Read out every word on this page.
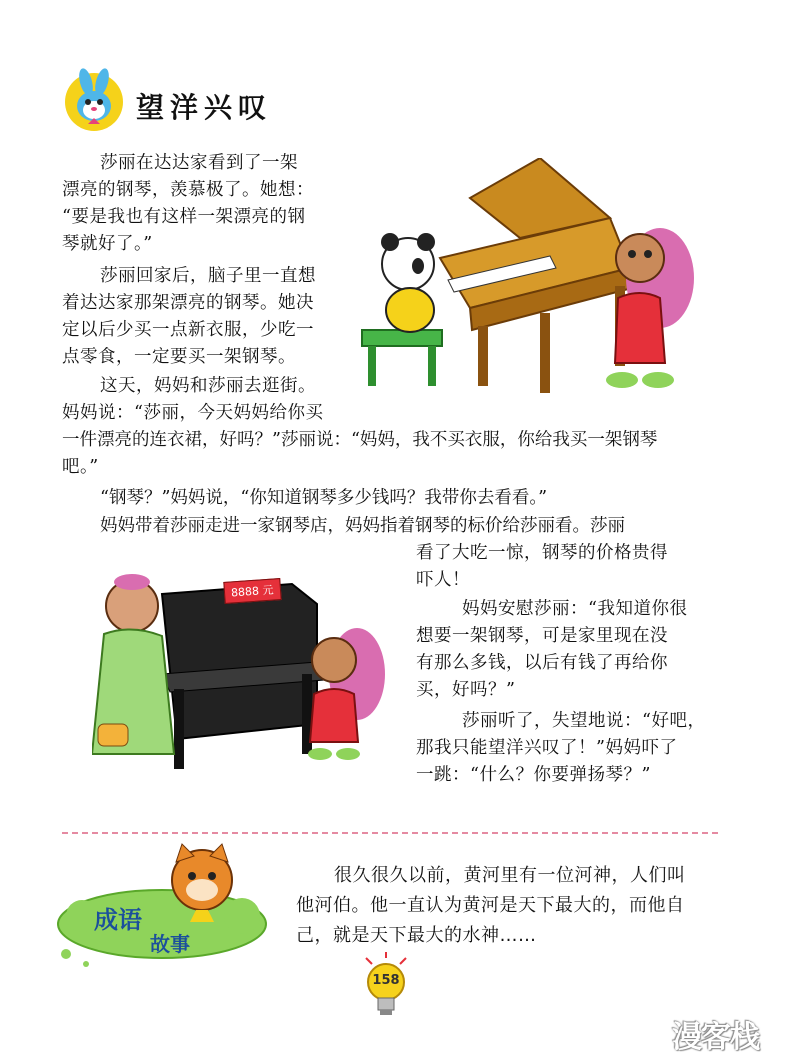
望洋兴叹
莎丽在达达家看到了一架
漂亮的钢琴，羡慕极了。她想：
“要是我也有这样一架漂亮的钢
琴就好了。”
莎丽回家后，脑子里一直想
着达达家那架漂亮的钢琴。她决
定以后少买一点新衣服，少吃一
点零食，一定要买一架钢琴。
这天，妈妈和莎丽去逛街。
妈妈说：“莎丽，今天妈妈给你买
一件漂亮的连衣裙，好吗？”莎丽说：“妈妈，我不买衣服，你给我买一架钢琴
吧。”
“钢琴？”妈妈说，“你知道钢琴多少钱吗？我带你去看看。”
妈妈带着莎丽走进一家钢琴店，妈妈指着钢琴的标价给莎丽看。莎丽
看了大吃一惊，钢琴的价格贵得
吓人！
妈妈安慰莎丽：“我知道你很
想要一架钢琴，可是家里现在没
有那么多钱，以后有钱了再给你
买，好吗？”
莎丽听了，失望地说：“好吧，
那我只能望洋兴叹了！”妈妈吓了
一跳：“什么？你要弹扬琴？”
8888 元
成语
故事
很久很久以前，黄河里有一位河神，人们叫
他河伯。他一直认为黄河是天下最大的，而他自
己，就是天下最大的水神……
158
漫客栈
